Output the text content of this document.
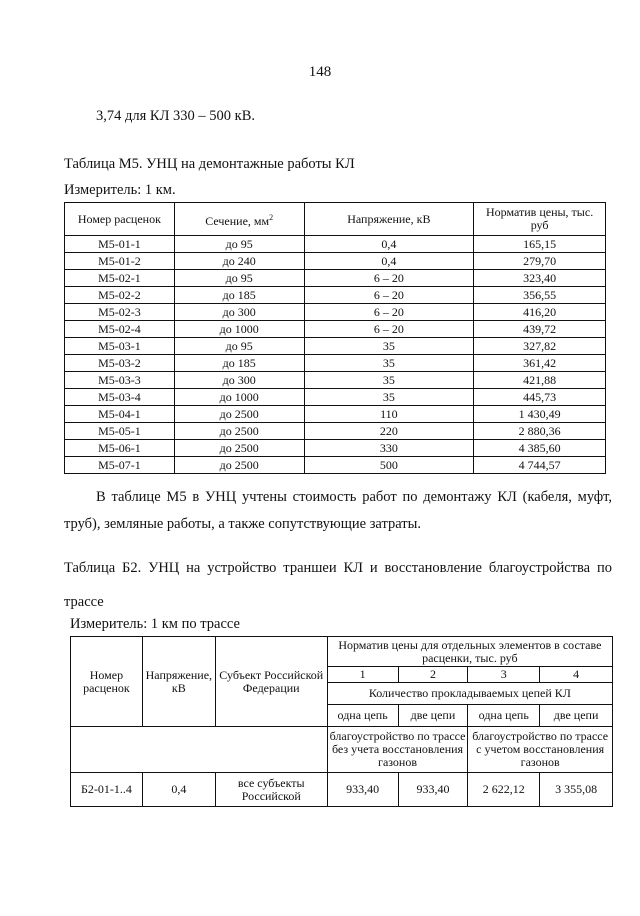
148
3,74 для КЛ 330 – 500 кВ.
Таблица М5. УНЦ на демонтажные работы КЛ
Измеритель: 1 км.
Номер расценок	Сечение, $мм^2$	Напряжение, кВ	Норматив цены, тыс. руб
М5-01-1	до 95	0,4	165,15
М5-01-2	до 240	0,4	279,70
М5-02-1	до 95	6 – 20	323,40
М5-02-2	до 185	6 – 20	356,55
М5-02-3	до 300	6 – 20	416,20
М5-02-4	до 1000	6 – 20	439,72
М5-03-1	до 95	35	327,82
М5-03-2	до 185	35	361,42
М5-03-3	до 300	35	421,88
М5-03-4	до 1000	35	445,73
М5-04-1	до 2500	110	1 430,49
М5-05-1	до 2500	220	2 880,36
М5-06-1	до 2500	330	4 385,60
М5-07-1	до 2500	500	4 744,57
В таблице М5 в УНЦ учтены стоимость работ по демонтажу КЛ (кабеля, муфт,
труб), земляные работы, а также сопутствующие затраты.
Таблица Б2. УНЦ на устройство траншеи КЛ и восстановление благоустройства по
трассе
Измеритель: 1 км по трассе
Номер расценок	Напряжение, кВ	Субъект Российской Федерации	Норматив цены для отдельных элементов в составе расценки, тыс. руб			
			1	2	3	4
			Количество прокладываемых цепей КЛ			
			одна цепь	две цепи	одна цепь	две цепи
			благоустройство по трассе без учета восстановления газонов		благоустройство по трассе с учетом восстановления газонов	
Б2-01-1..4	0,4	все субъекты Российской	933,40	933,40	2 622,12	3 355,08
